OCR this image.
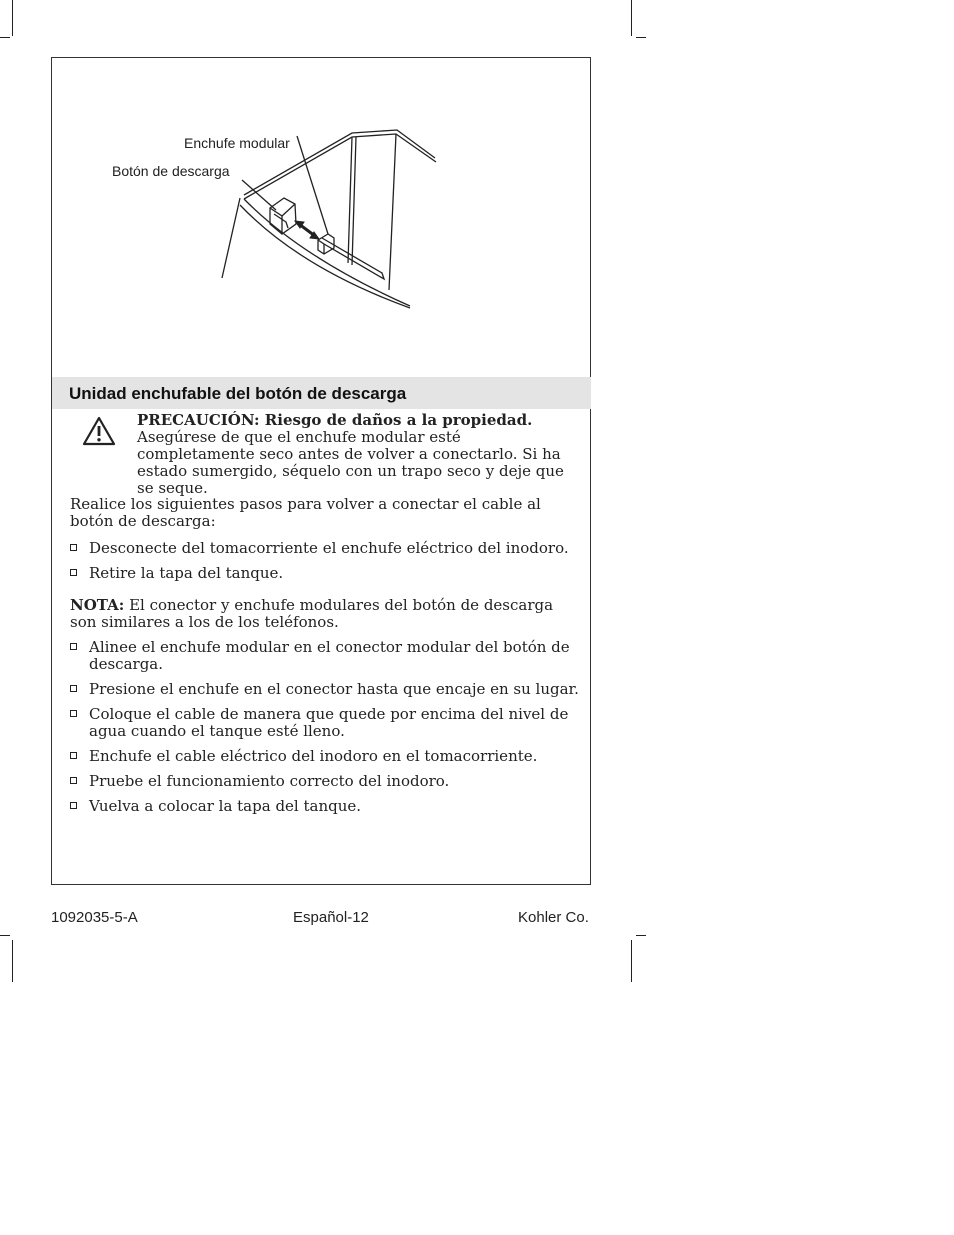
Enchufe modular
Botón de descarga
Unidad enchufable del botón de descarga

PRECAUCIÓN: Riesgo de daños a la propiedad. Asegúrese de que el enchufe modular esté completamente seco antes de volver a conectarlo. Si ha estado sumergido, séquelo con un trapo seco y deje que se seque.

Realice los siguientes pasos para volver a conectar el cable al botón de descarga:

Desconecte del tomacorriente el enchufe eléctrico del inodoro.
Retire la tapa del tanque.

NOTA: El conector y enchufe modulares del botón de descarga son similares a los de los teléfonos.

Alinee el enchufe modular en el conector modular del botón de descarga.
Presione el enchufe en el conector hasta que encaje en su lugar.
Coloque el cable de manera que quede por encima del nivel de agua cuando el tanque esté lleno.
Enchufe el cable eléctrico del inodoro en el tomacorriente.
Pruebe el funcionamiento correcto del inodoro.
Vuelva a colocar la tapa del tanque.
1092035-5-A	Español-12	Kohler Co.
